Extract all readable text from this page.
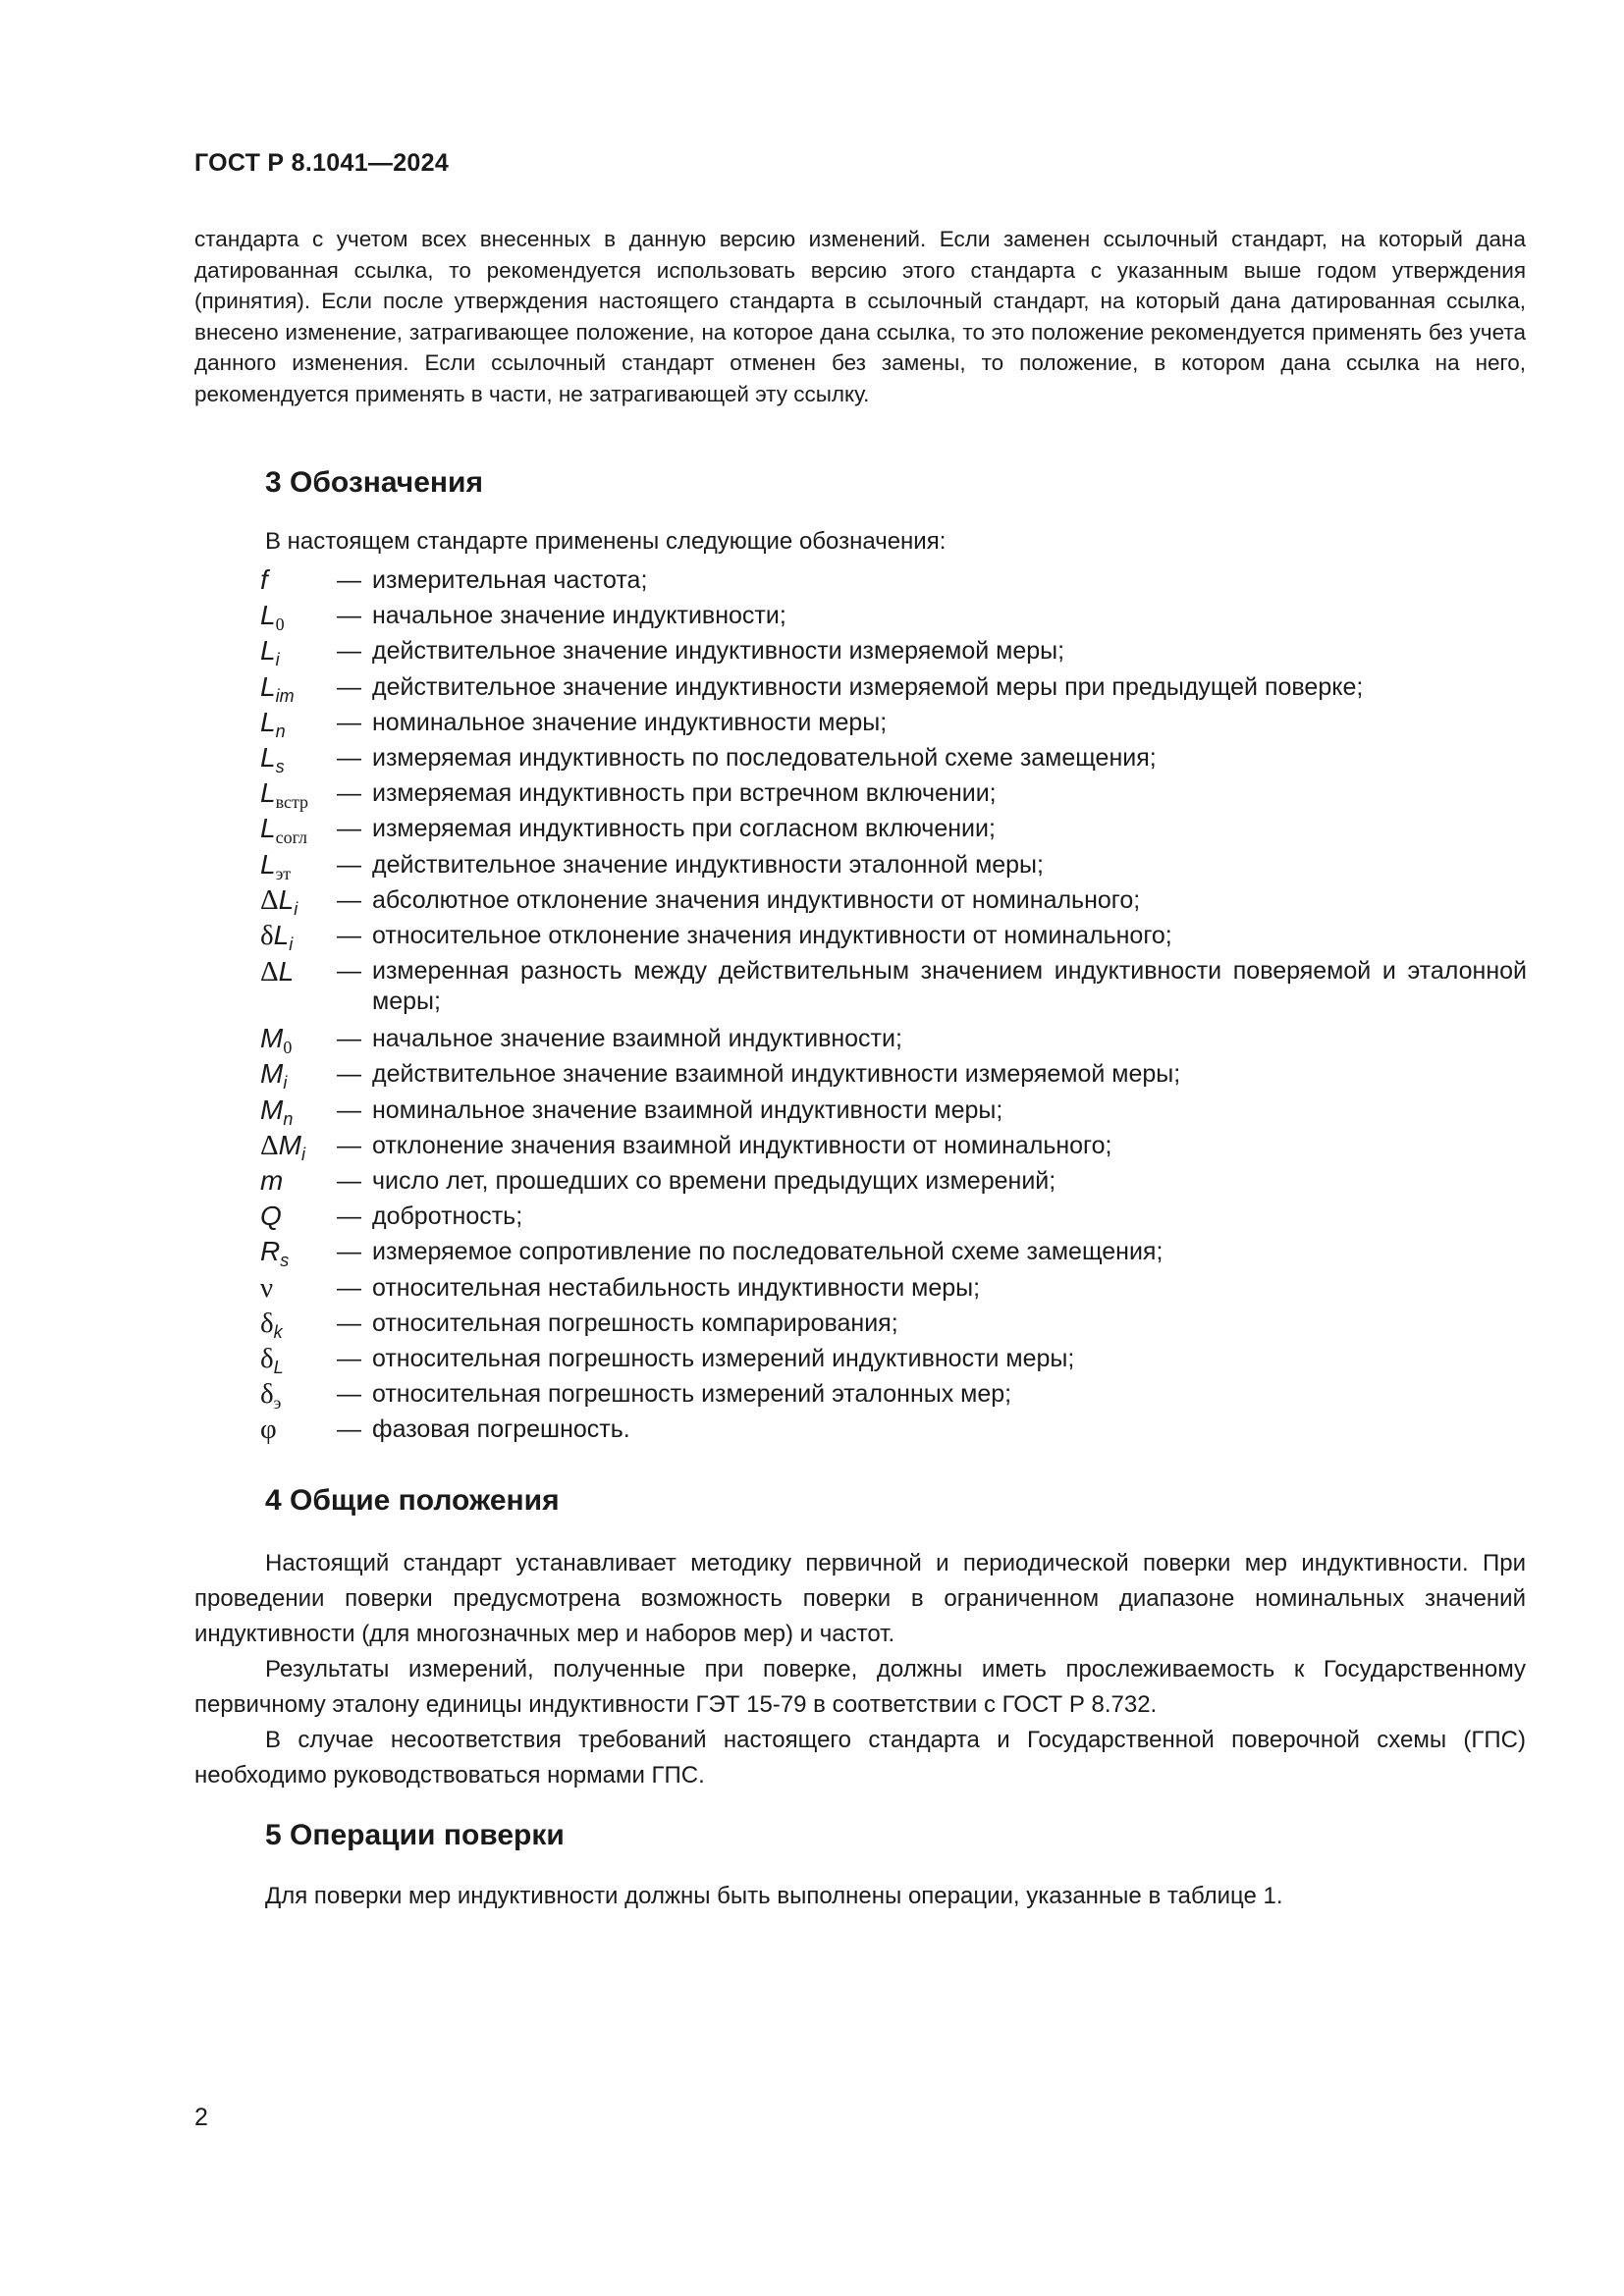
ГОСТ Р 8.1041—2024
стандарта с учетом всех внесенных в данную версию изменений. Если заменен ссылочный стандарт, на который дана датированная ссылка, то рекомендуется использовать версию этого стандарта с указанным выше годом утверждения (принятия). Если после утверждения настоящего стандарта в ссылочный стандарт, на который дана датированная ссылка, внесено изменение, затрагивающее положение, на которое дана ссылка, то это положение рекомендуется применять без учета данного изменения. Если ссылочный стандарт отменен без замены, то положение, в котором дана ссылка на него, рекомендуется применять в части, не затрагивающей эту ссылку.
3 Обозначения
В настоящем стандарте применены следующие обозначения:
f	— измерительная частота;
$L_0$	— начальное значение индуктивности;
$L_i$	— действительное значение индуктивности измеряемой меры;
$L_{im}$	— действительное значение индуктивности измеряемой меры при предыдущей поверке;
$L_n$	— номинальное значение индуктивности меры;
$L_s$	— измеряемая индуктивность по последовательной схеме замещения;
$L_{встр}$	— измеряемая индуктивность при встречном включении;
$L_{согл}$	— измеряемая индуктивность при согласном включении;
$L_{эт}$	— действительное значение индуктивности эталонной меры;
$\Delta L_i$	— абсолютное отклонение значения индуктивности от номинального;
$\delta L_i$	— относительное отклонение значения индуктивности от номинального;
ΔL	— измеренная разность между действительным значением индуктивности поверяемой и эталонной меры;
$M_0$	— начальное значение взаимной индуктивности;
$M_i$	— действительное значение взаимной индуктивности измеряемой меры;
$M_n$	— номинальное значение взаимной индуктивности меры;
$\Delta M_i$	— отклонение значения взаимной индуктивности от номинального;
m	— число лет, прошедших со времени предыдущих измерений;
Q	— добротность;
$R_s$	— измеряемое сопротивление по последовательной схеме замещения;
ν	— относительная нестабильность индуктивности меры;
$\delta_k$	— относительная погрешность компарирования;
$\delta_L$	— относительная погрешность измерений индуктивности меры;
$\delta_э$	— относительная погрешность измерений эталонных мер;
φ	— фазовая погрешность.
4 Общие положения

Настоящий стандарт устанавливает методику первичной и периодической поверки мер индуктивности. При проведении поверки предусмотрена возможность поверки в ограниченном диапазоне номинальных значений индуктивности (для многозначных мер и наборов мер) и частот.

Результаты измерений, полученные при поверке, должны иметь прослеживаемость к Государственному первичному эталону единицы индуктивности ГЭТ 15-79 в соответствии с ГОСТ Р 8.732.

В случае несоответствия требований настоящего стандарта и Государственной поверочной схемы (ГПС) необходимо руководствоваться нормами ГПС.

5 Операции поверки
Для поверки мер индуктивности должны быть выполнены операции, указанные в таблице 1.
2
